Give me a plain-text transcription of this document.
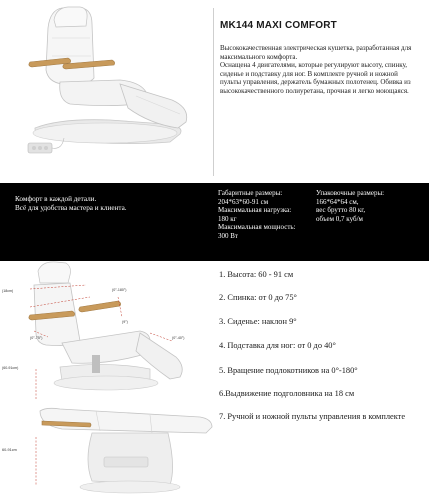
MK144 MAXI COMFORT

Высококачественная электрическая кушетка, разработанная для максимального комфорта.

Оснащена 4 двигателями, которые регулируют высоту, спинку, сиденье и подставку для ног. В комплекте ручной и ножной пульты управления, держатель бумажных полотенец. Обивка из высококачественного полиуретана, прочная и легко моющаяся.

Комфорт в каждой детали.

Всё для удобства мастера и клиента.

Габаритные размеры:

204*63*60-91 см

Максимальная нагрузка:

180 кг

Максимальная мощность:

300 Вт

Упаковочные размеры:

166*64*64 см,

вес брутто 80 кг,

объем 0,7 куб/м

(18cm)	(0°-180°)
(9°)
(0°-75°)	(0°-40°)
(60-91cm)
60-91cm
1. Высота: 60 - 91 см
2. Спинка: от 0 до 75°
3. Сиденье: наклон 9°
4. Подставка для ног: от 0 до 40°
5. Вращение подлокотников на 0°-180°
6.Выдвижение подголовника на 18 см
7. Ручной и ножной пульты управления в комплекте
